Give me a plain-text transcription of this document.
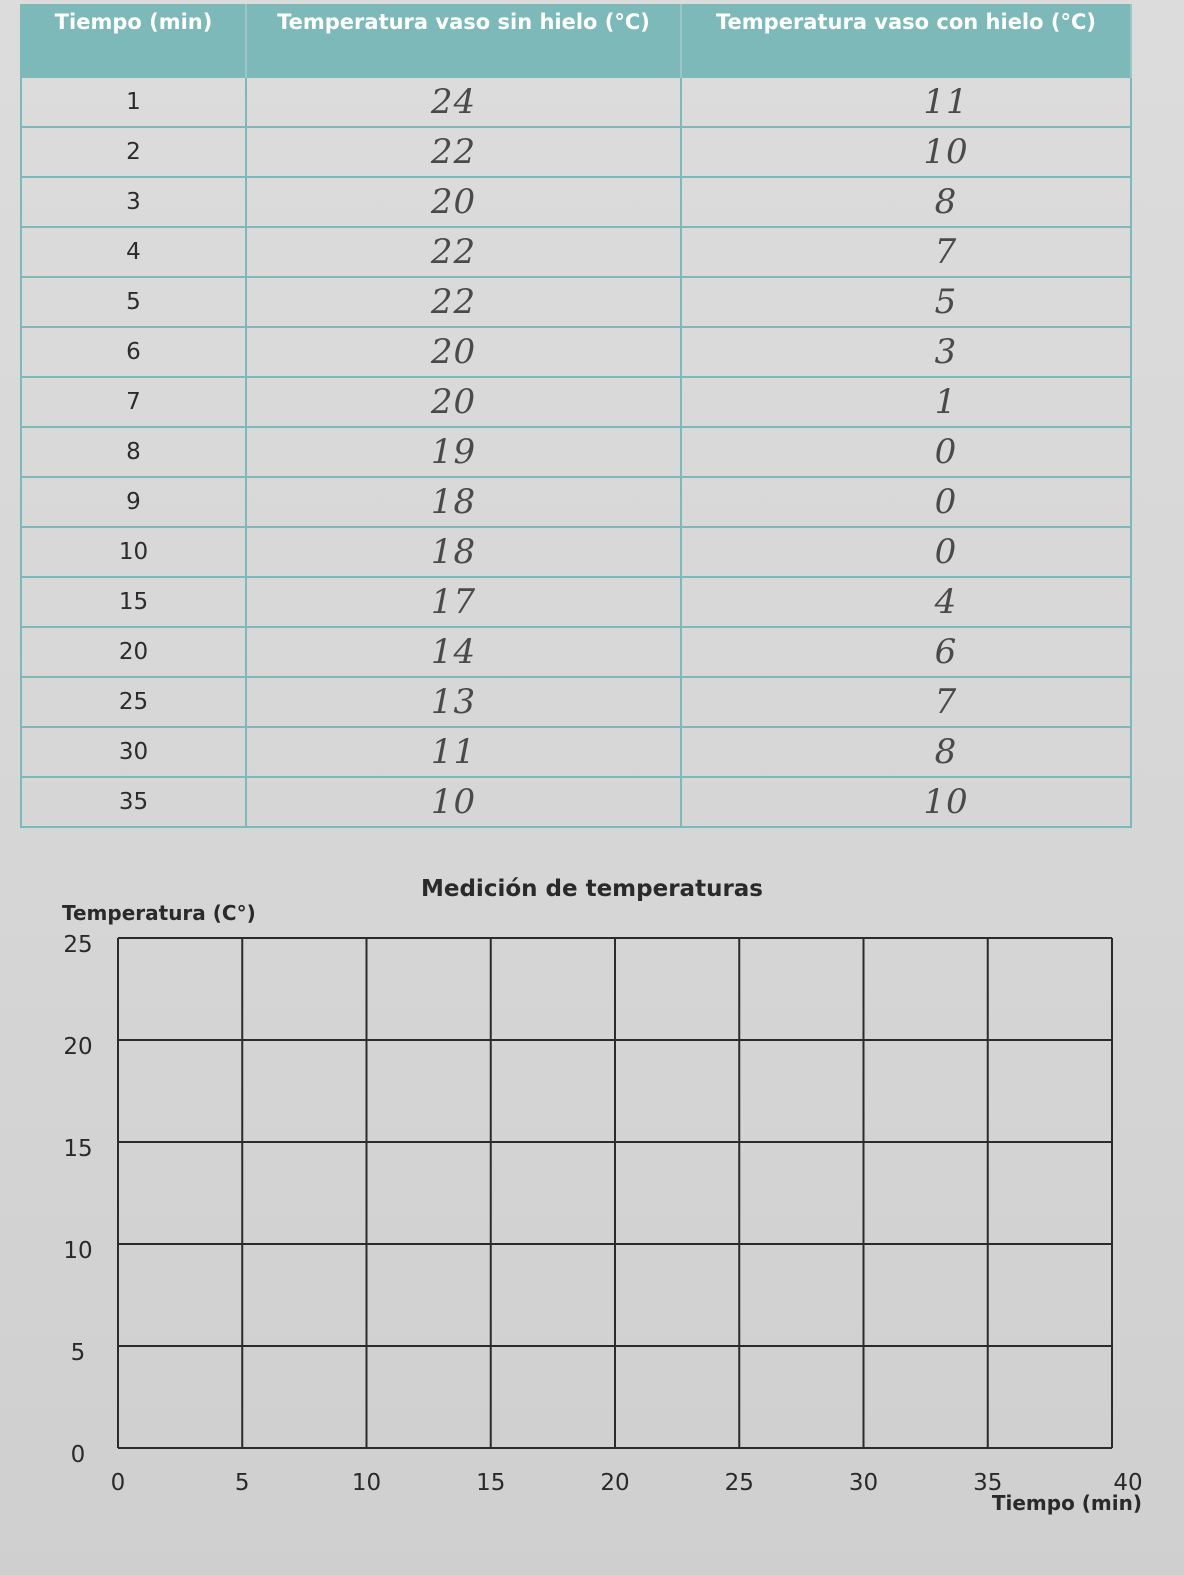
Tiempo (min)	Temperatura vaso sin hielo (°C)	Temperatura vaso con hielo (°C)
1	24	11
2	22	10
3	20	8
4	22	7
5	22	5
6	20	3
7	20	1
8	19	0
9	18	0
10	18	0
15	17	4
20	14	6
25	13	7
30	11	8
35	10	10
Medición de temperaturas
0
5
10
15
20
25
0	5	10	15	20	25	30	35	40
Temperatura (C°)
Tiempo (min)
